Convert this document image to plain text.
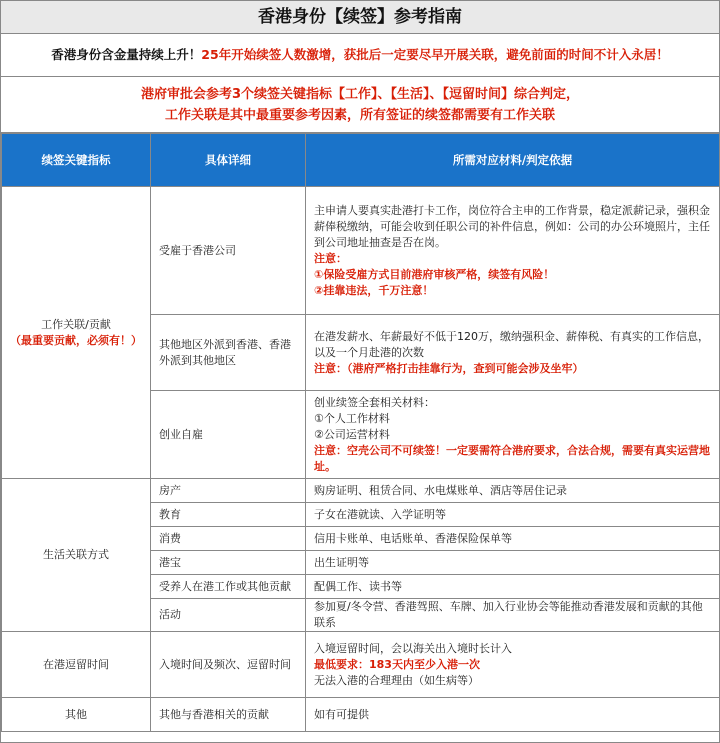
香港身份【续签】参考指南
香港身份含金量持续上升！25年开始续签人数激增，获批后一定要尽早开展关联，避免前面的时间不计入永居！
港府审批会参考3个续签关键指标【工作】、【生活】、【逗留时间】综合判定，
工作关联是其中最重要参考因素，所有签证的续签都需要有工作关联
续签关键指标	具体详细	所需对应材料/判定依据

工作关联/贡献
（最重要贡献，必须有！）	受雇于香港公司	主申请人要真实赴港打卡工作，岗位符合主申的工作背景，稳定派薪记录，强积金薪俸税缴纳，可能会收到任职公司的补件信息，例如：公司的办公环境照片，主任到公司地址抽查是否在岗。
注意：
①保险受雇方式目前港府审核严格，续签有风险！
②挂靠违法，千万注意！

	其他地区外派到香港、香港外派到其他地区	在港发薪水、年薪最好不低于120万，缴纳强积金、薪俸税、有真实的工作信息，以及一个月赴港的次数
注意：（港府严格打击挂靠行为，查到可能会涉及坐牢）

	创业自雇	创业续签全套相关材料：
①个人工作材料
②公司运营材料
注意：空壳公司不可续签！一定要需符合港府要求，合法合规，需要有真实运营地址。

生活关联方式	房产	购房证明、租赁合同、水电煤账单、酒店等居住记录
	教育	子女在港就读、入学证明等
	消费	信用卡账单、电话账单、香港保险保单等
	港宝	出生证明等
	受养人在港工作或其他贡献	配偶工作、读书等
	活动	参加夏/冬令营、香港驾照、车牌、加入行业协会等能推动香港发展和贡献的其他联系
在港逗留时间	入境时间及频次、逗留时间	入境逗留时间，会以海关出入境时长计入
最低要求：183天内至少入港一次
无法入港的合理理由（如生病等）

其他	其他与香港相关的贡献	如有可提供
